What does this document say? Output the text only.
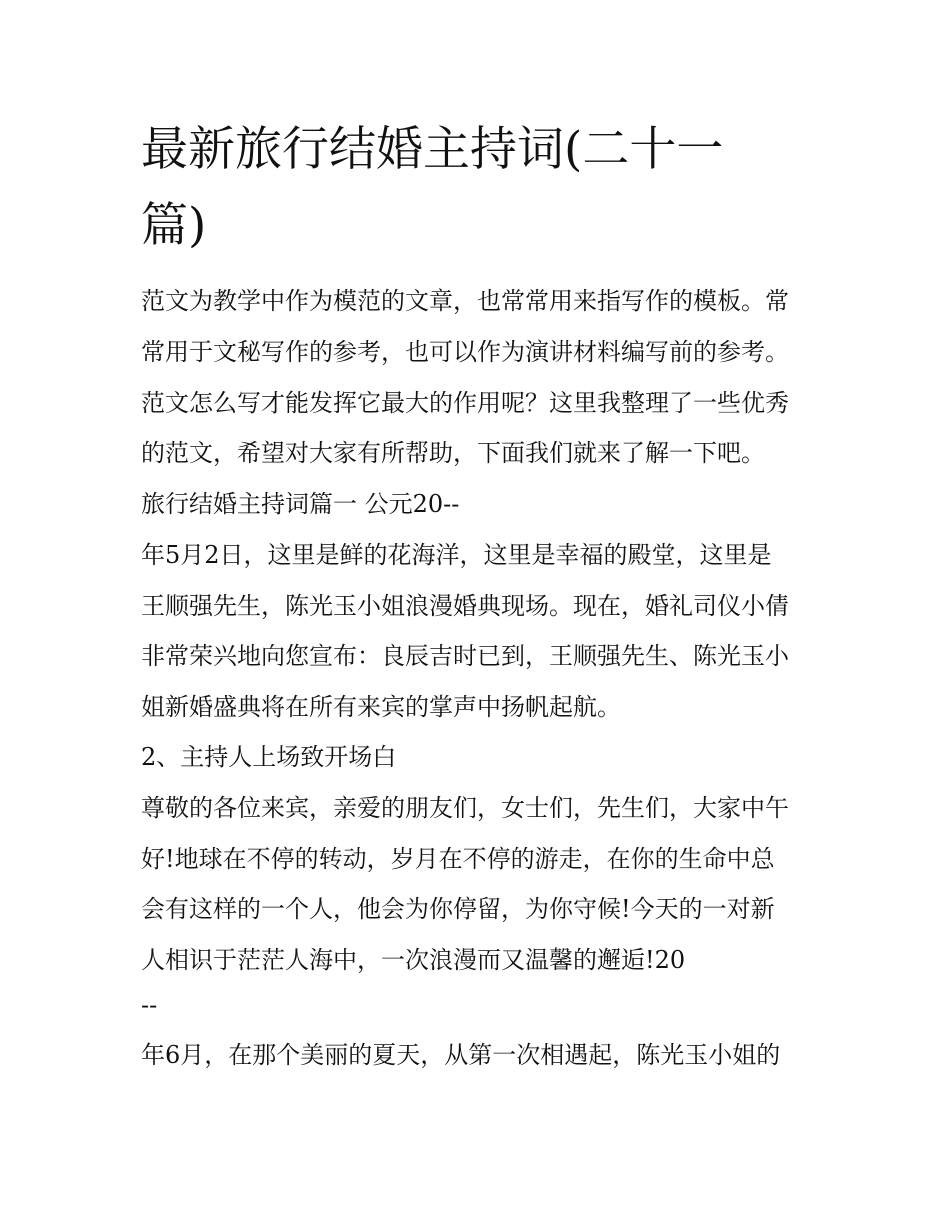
最新旅行结婚主持词(二十一
篇)

范文为教学中作为模范的文章，也常常用来指写作的模板。常

常用于文秘写作的参考，也可以作为演讲材料编写前的参考。

范文怎么写才能发挥它最大的作用呢？这里我整理了一些优秀

的范文，希望对大家有所帮助，下面我们就来了解一下吧。

旅行结婚主持词篇一 公元20--

年5月2日，这里是鲜的花海洋，这里是幸福的殿堂，这里是

王顺强先生，陈光玉小姐浪漫婚典现场。现在，婚礼司仪小倩

非常荣兴地向您宣布：良辰吉时已到，王顺强先生、陈光玉小

姐新婚盛典将在所有来宾的掌声中扬帆起航。

2、主持人上场致开场白

尊敬的各位来宾，亲爱的朋友们，女士们，先生们，大家中午

好!地球在不停的转动，岁月在不停的游走，在你的生命中总

会有这样的一个人，他会为你停留，为你守候!今天的一对新

人相识于茫茫人海中，一次浪漫而又温馨的邂逅!20

--

年6月，在那个美丽的夏天，从第一次相遇起，陈光玉小姐的
